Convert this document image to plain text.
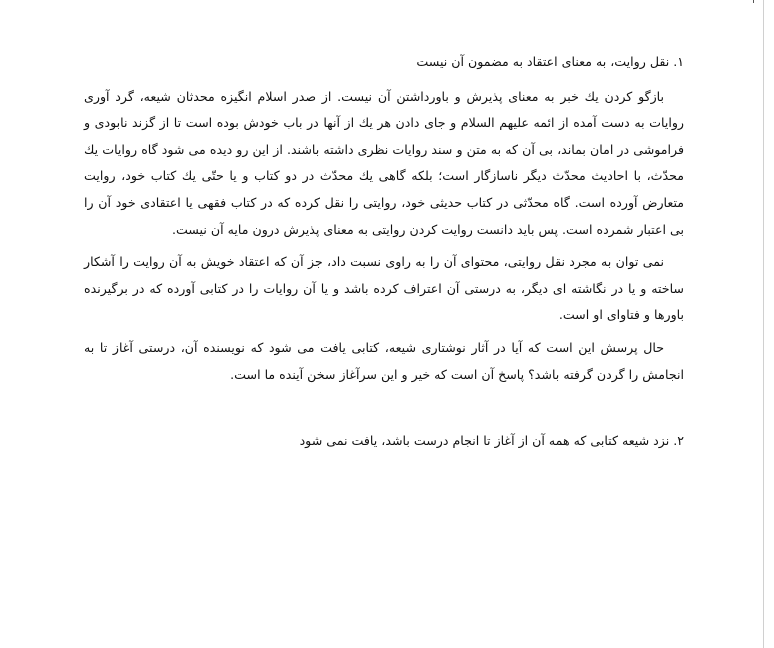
١. نقل روايت، به معناى اعتقاد به مضمون آن نيست

بازگو كردن يك خبر به معناى پذيرش و باورداشتن آن نيست. از صدر اسلام انگيزه محدثان شيعه، گرد آورى روايات به دست آمده از ائمه عليهم السلام و جاى دادن هر يك از آنها در باب خودش بوده است تا از گزند نابودى و فراموشى در امان بماند، بى آن كه به متن و سند روايات نظرى داشته باشند. از اين رو ديده مى شود گاه روايات يك محدّث، با احاديث محدّث ديگر ناسازگار است؛ بلكه گاهى يك محدّث در دو كتاب و يا حتّى يك كتاب خود، روايت متعارض آورده است. گاه محدّثى در كتاب حديثى خود، روايتى را نقل كرده كه در كتاب فقهى يا اعتقادى خود آن را بى اعتبار شمرده است. پس بايد دانست روايت كردن روايتى به معناى پذيرش درون مايه آن نيست.

نمى توان به مجرد نقل روايتى، محتواى آن را به راوى نسبت داد، جز آن كه اعتقاد خويش به آن روايت را آشكار ساخته و يا در نگاشته اى ديگر، به درستى آن اعتراف كرده باشد و يا آن روايات را در كتابى آورده كه در برگيرنده باورها و فتاواى او است.

حال پرسش اين است كه آيا در آثار نوشتارى شيعه، كتابى يافت مى شود كه نويسنده آن، درستى آغاز تا به انجامش را گردن گرفته باشد؟ پاسخ آن است كه خير و اين سرآغاز سخن آينده ما است.

٢. نزد شيعه كتابى كه همه آن از آغاز تا انجام درست باشد، يافت نمى شود
